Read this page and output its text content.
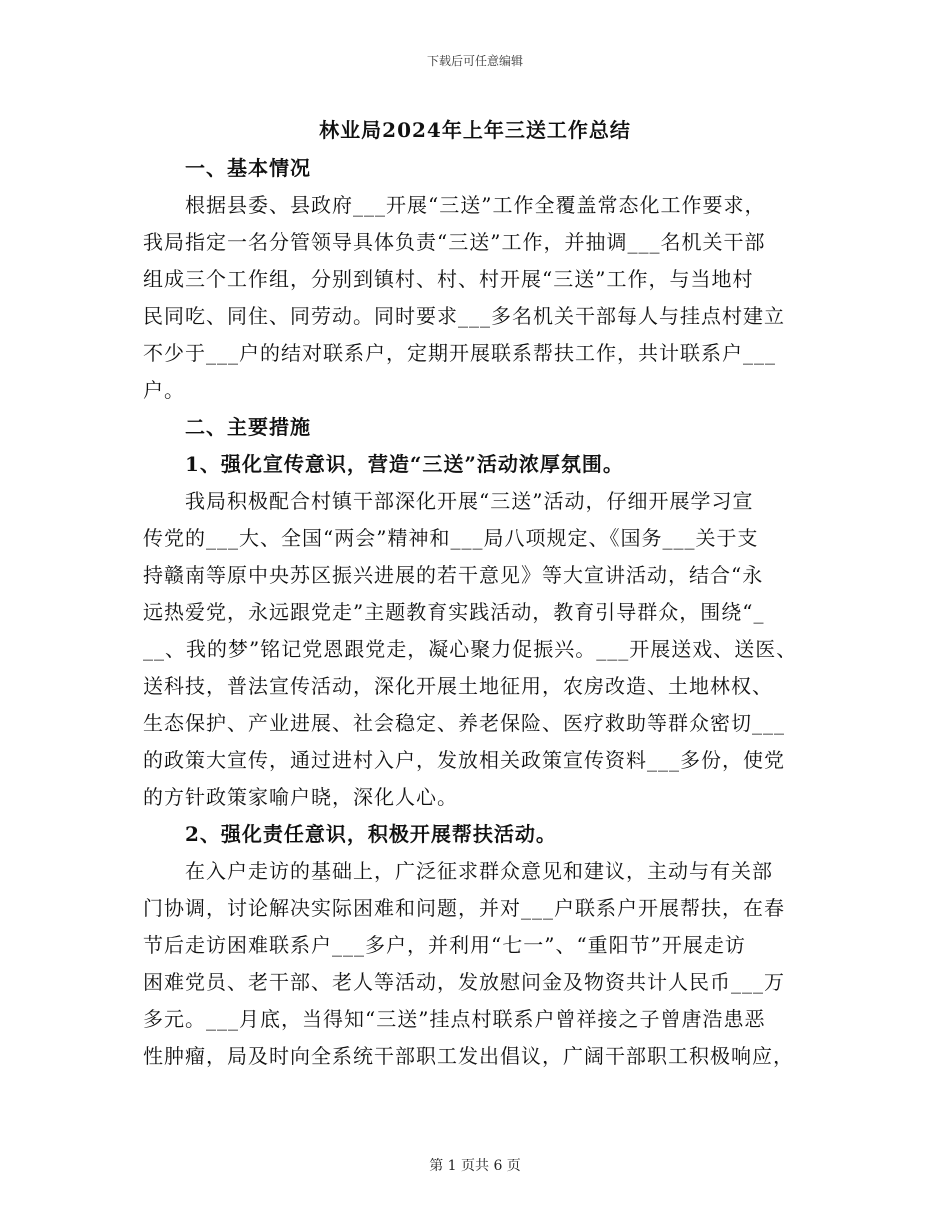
下载后可任意编辑
林业局2024年上年三送工作总结
一、基本情况
根据县委、县政府___开展“三送”工作全覆盖常态化工作要求，
我局指定一名分管领导具体负责“三送”工作，并抽调___名机关干部
组成三个工作组，分别到镇村、村、村开展“三送”工作，与当地村
民同吃、同住、同劳动。同时要求___多名机关干部每人与挂点村建立
不少于___户的结对联系户，定期开展联系帮扶工作，共计联系户___
户。
二、主要措施
1、强化宣传意识，营造“三送”活动浓厚氛围。
我局积极配合村镇干部深化开展“三送”活动，仔细开展学习宣
传党的___大、全国“两会”精神和___局八项规定、《国务___关于支
持赣南等原中央苏区振兴进展的若干意见》等大宣讲活动，结合“永
远热爱党，永远跟党走”主题教育实践活动，教育引导群众，围绕“_
__、我的梦”铭记党恩跟党走，凝心聚力促振兴。___开展送戏、送医、
送科技，普法宣传活动，深化开展土地征用，农房改造、土地林权、
生态保护、产业进展、社会稳定、养老保险、医疗救助等群众密切___
的政策大宣传，通过进村入户，发放相关政策宣传资料___多份，使党
的方针政策家喻户晓，深化人心。
2、强化责任意识，积极开展帮扶活动。
在入户走访的基础上，广泛征求群众意见和建议，主动与有关部
门协调，讨论解决实际困难和问题，并对___户联系户开展帮扶，在春
节后走访困难联系户___多户，并利用“七一”、“重阳节”开展走访
困难党员、老干部、老人等活动，发放慰问金及物资共计人民币___万
多元。___月底，当得知“三送”挂点村联系户曾祥接之子曾唐浩患恶
性肿瘤，局及时向全系统干部职工发出倡议，广阔干部职工积极响应，
第 1 页共 6 页
